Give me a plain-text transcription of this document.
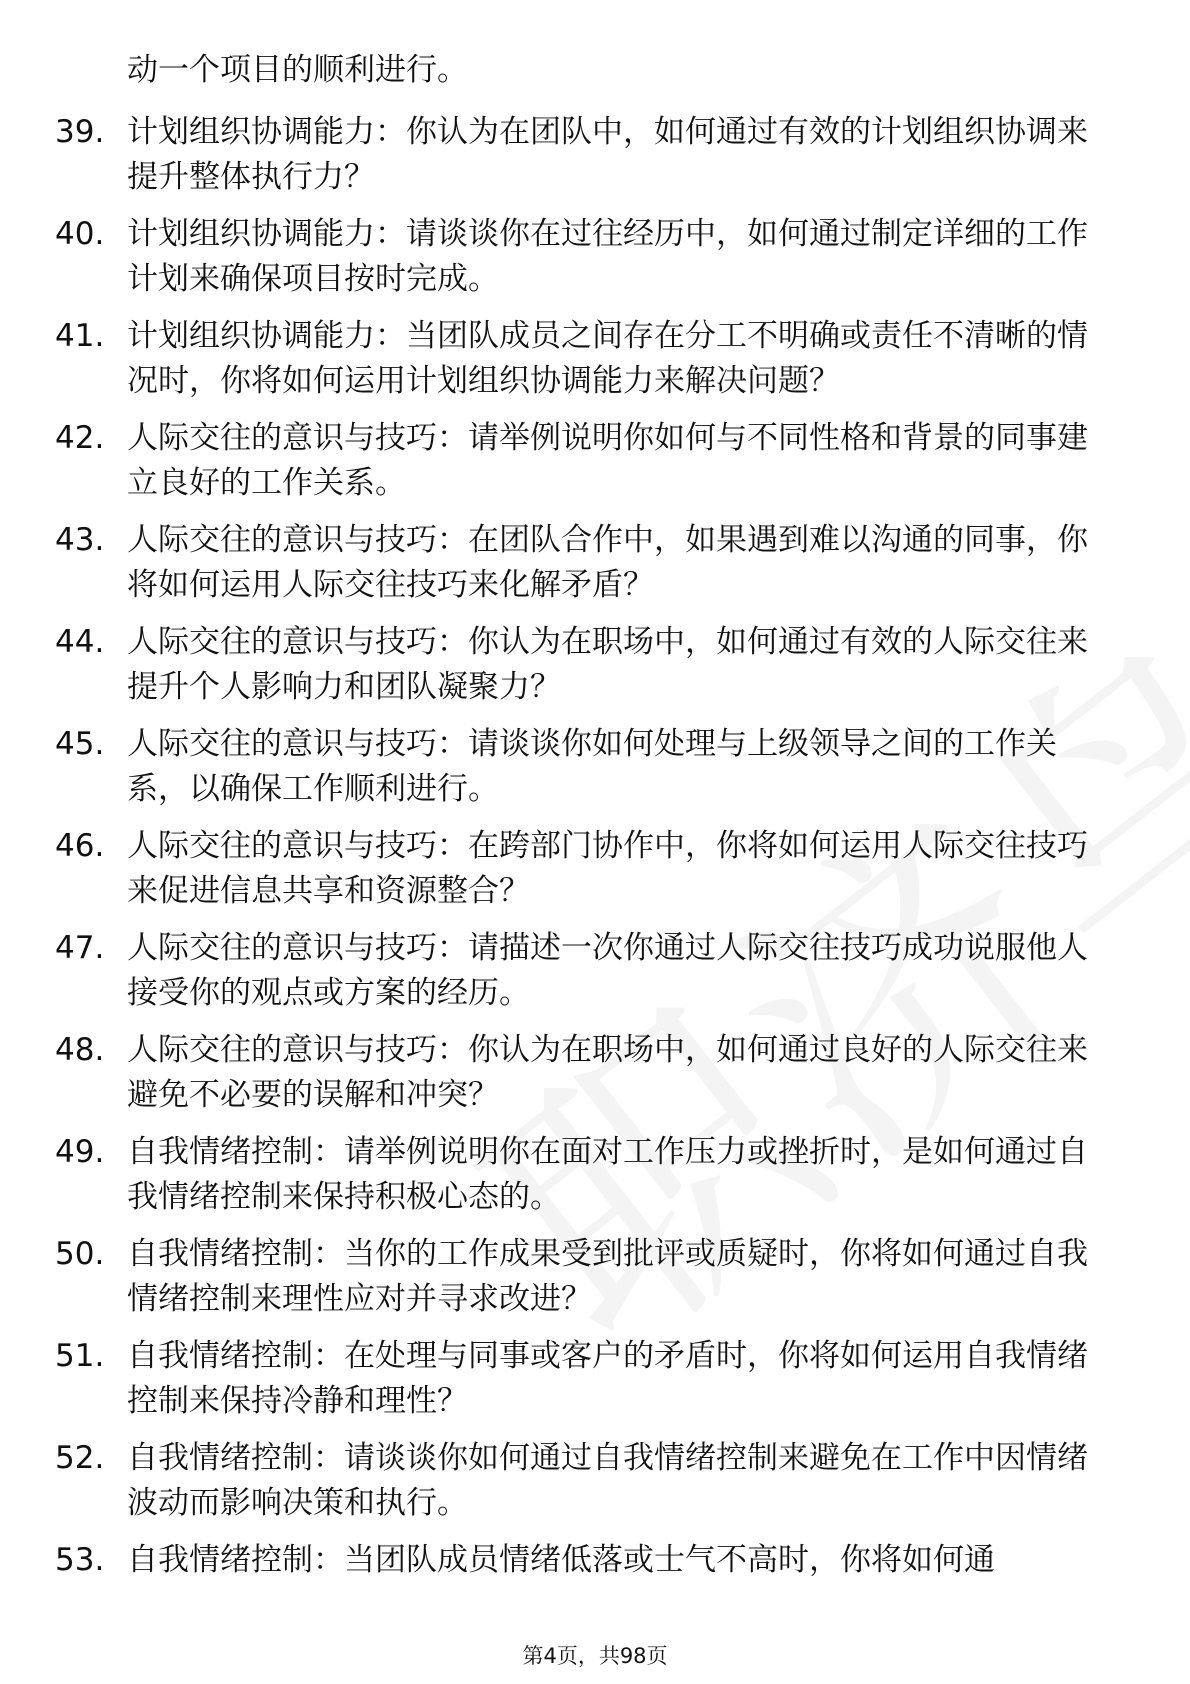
动一个项目的顺利进行。

39. 计划组织协调能力：你认为在团队中，如何通过有效的计划组织协调来提升整体执行力？
40. 计划组织协调能力：请谈谈你在过往经历中，如何通过制定详细的工作计划来确保项目按时完成。
41. 计划组织协调能力：当团队成员之间存在分工不明确或责任不清晰的情况时，你将如何运用计划组织协调能力来解决问题？
42. 人际交往的意识与技巧：请举例说明你如何与不同性格和背景的同事建立良好的工作关系。
43. 人际交往的意识与技巧：在团队合作中，如果遇到难以沟通的同事，你将如何运用人际交往技巧来化解矛盾？
44. 人际交往的意识与技巧：你认为在职场中，如何通过有效的人际交往来提升个人影响力和团队凝聚力？
45. 人际交往的意识与技巧：请谈谈你如何处理与上级领导之间的工作关系，以确保工作顺利进行。
46. 人际交往的意识与技巧：在跨部门协作中，你将如何运用人际交往技巧来促进信息共享和资源整合？
47. 人际交往的意识与技巧：请描述一次你通过人际交往技巧成功说服他人接受你的观点或方案的经历。
48. 人际交往的意识与技巧：你认为在职场中，如何通过良好的人际交往来避免不必要的误解和冲突？
49. 自我情绪控制：请举例说明你在面对工作压力或挫折时，是如何通过自我情绪控制来保持积极心态的。
50. 自我情绪控制：当你的工作成果受到批评或质疑时，你将如何通过自我情绪控制来理性应对并寻求改进？
51. 自我情绪控制：在处理与同事或客户的矛盾时，你将如何运用自我情绪控制来保持冷静和理性？
52. 自我情绪控制：请谈谈你如何通过自我情绪控制来避免在工作中因情绪波动而影响决策和执行。
53. 自我情绪控制：当团队成员情绪低落或士气不高时，你将如何通
第4页，共98页
